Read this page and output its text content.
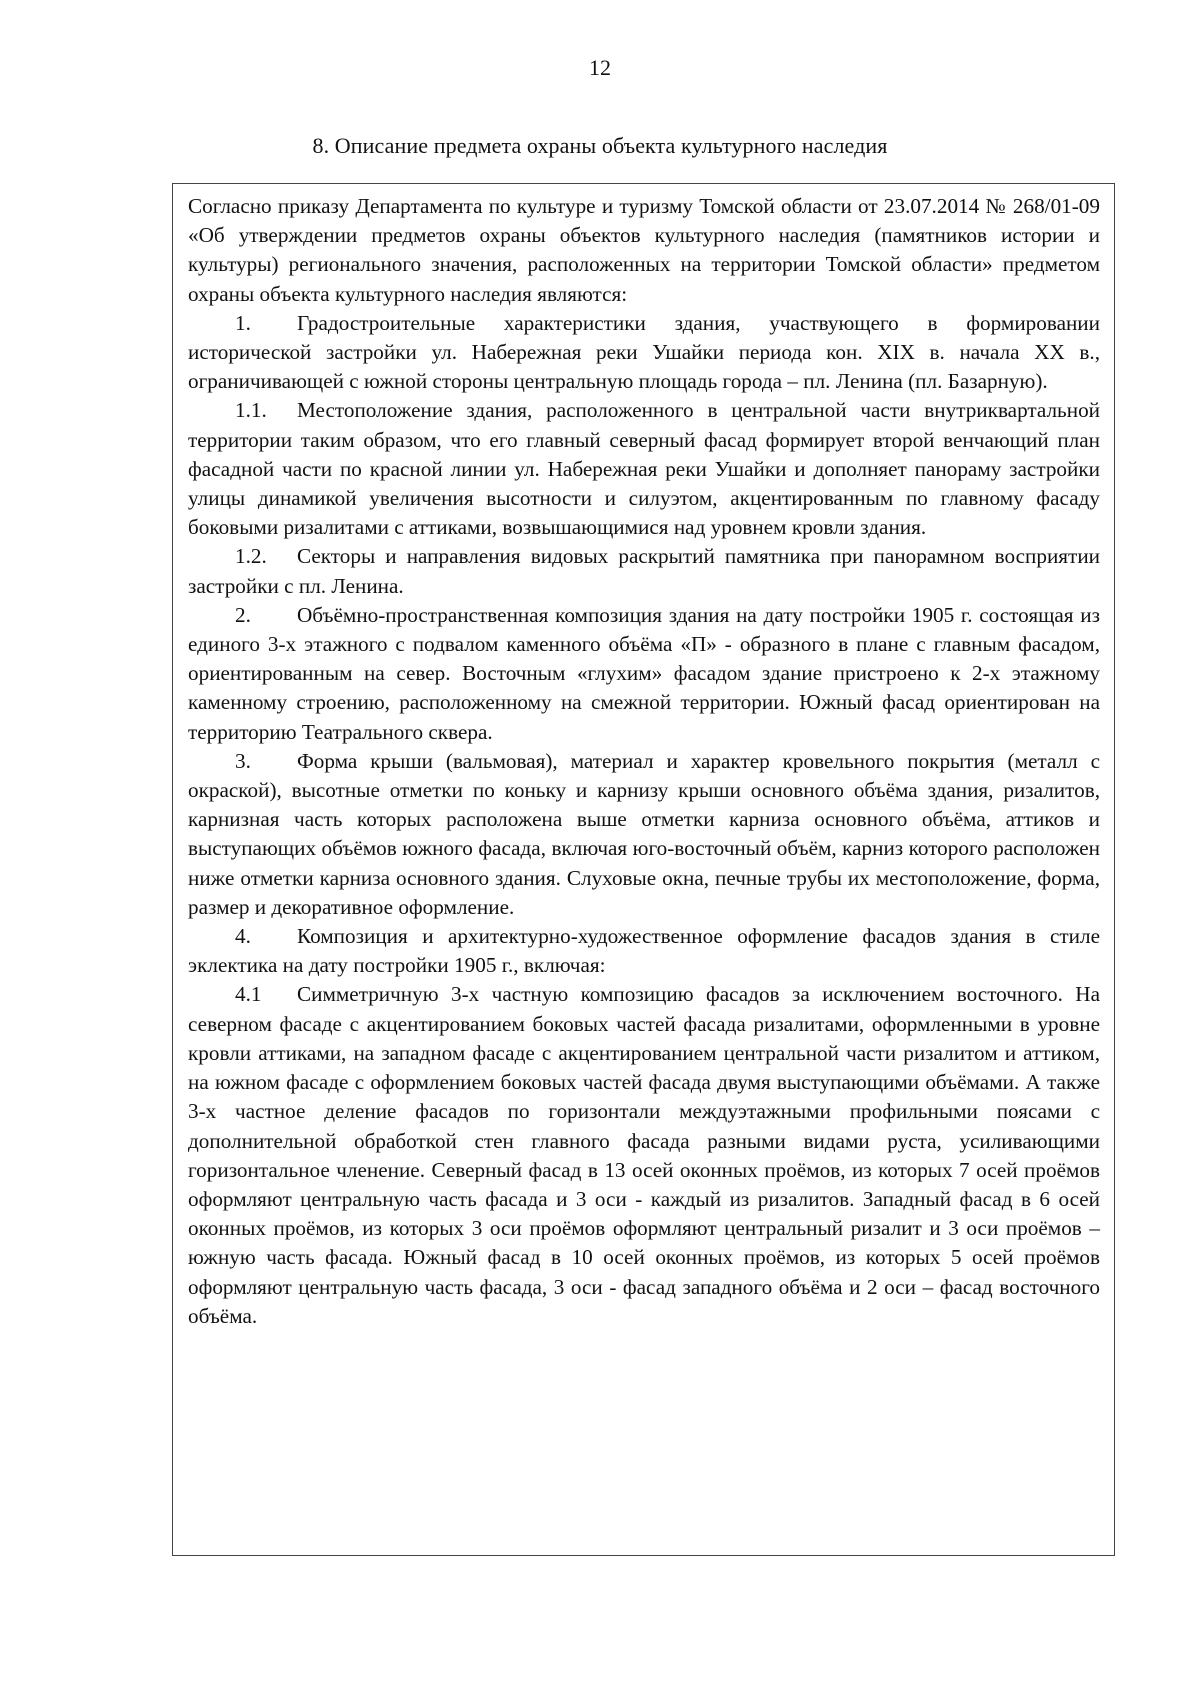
12
8. Описание предмета охраны объекта культурного наследия

Согласно приказу Департамента по культуре и туризму Томской области от 23.07.2014 № 268/01-09 «Об утверждении предметов охраны объектов культурного наследия (памятников истории и культуры) регионального значения, расположенных на территории Томской области» предметом охраны объекта культурного наследия являются:

1. Градостроительные характеристики здания, участвующего в формировании исторической застройки ул. Набережная реки Ушайки периода кон. XIX в. начала XX в., ограничивающей с южной стороны центральную площадь города – пл. Ленина (пл. Базарную).

1.1. Местоположение здания, расположенного в центральной части внутриквартальной территории таким образом, что его главный северный фасад формирует второй венчающий план фасадной части по красной линии ул. Набережная реки Ушайки и дополняет панораму застройки улицы динамикой увеличения высотности и силуэтом, акцентированным по главному фасаду боковыми ризалитами с аттиками, возвышающимися над уровнем кровли здания.

1.2. Секторы и направления видовых раскрытий памятника при панорамном восприятии застройки с пл. Ленина.

2. Объёмно-пространственная композиция здания на дату постройки 1905 г. состоящая из единого 3-х этажного с подвалом каменного объёма «П» - образного в плане с главным фасадом, ориентированным на север. Восточным «глухим» фасадом здание пристроено к 2-х этажному каменному строению, расположенному на смежной территории. Южный фасад ориентирован на территорию Театрального сквера.

3. Форма крыши (вальмовая), материал и характер кровельного покрытия (металл с окраской), высотные отметки по коньку и карнизу крыши основного объёма здания, ризалитов, карнизная часть которых расположена выше отметки карниза основного объёма, аттиков и выступающих объёмов южного фасада, включая юго-восточный объём, карниз которого расположен ниже отметки карниза основного здания. Слуховые окна, печные трубы их местоположение, форма, размер и декоративное оформление.

4. Композиция и архитектурно-художественное оформление фасадов здания в стиле эклектика на дату постройки 1905 г., включая:

4.1 Симметричную 3-х частную композицию фасадов за исключением восточного. На северном фасаде с акцентированием боковых частей фасада ризалитами, оформленными в уровне кровли аттиками, на западном фасаде с акцентированием центральной части ризалитом и аттиком, на южном фасаде с оформлением боковых частей фасада двумя выступающими объёмами. А также 3-х частное деление фасадов по горизонтали междуэтажными профильными поясами с дополнительной обработкой стен главного фасада разными видами руста, усиливающими горизонтальное членение. Северный фасад в 13 осей оконных проёмов, из которых 7 осей проёмов оформляют центральную часть фасада и 3 оси - каждый из ризалитов. Западный фасад в 6 осей оконных проёмов, из которых 3 оси проёмов оформляют центральный ризалит и 3 оси проёмов – южную часть фасада. Южный фасад в 10 осей оконных проёмов, из которых 5 осей проёмов оформляют центральную часть фасада, 3 оси - фасад западного объёма и 2 оси – фасад восточного объёма.
